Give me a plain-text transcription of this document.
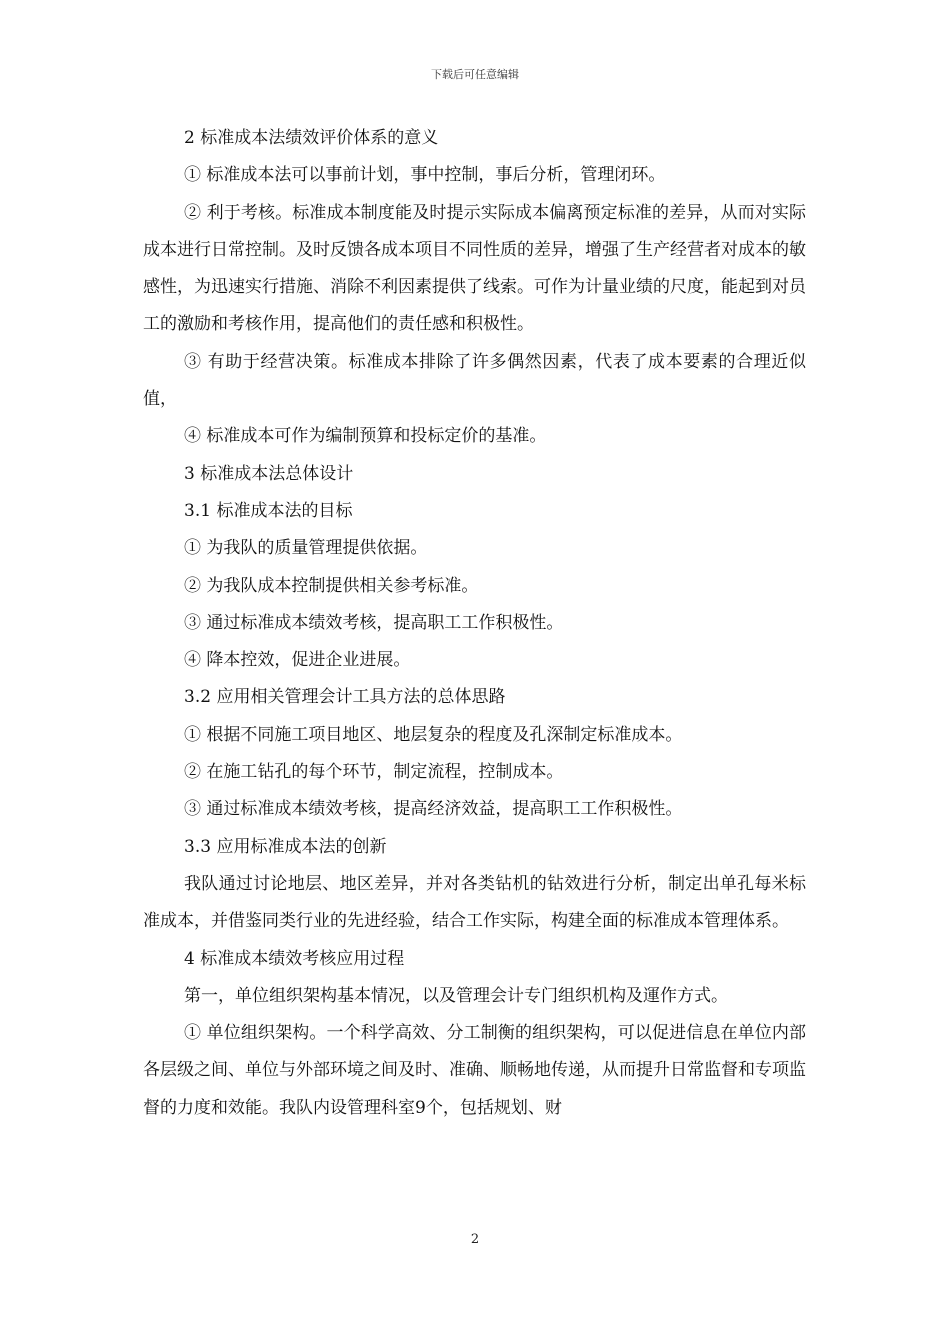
下载后可任意编辑

2 标准成本法绩效评价体系的意义

① 标准成本法可以事前计划，事中控制，事后分析，管理闭环。

② 利于考核。标准成本制度能及时提示实际成本偏离预定标准的差异，从而对实际成本进行日常控制。及时反馈各成本项目不同性质的差异，增强了生产经营者对成本的敏感性，为迅速实行措施、消除不利因素提供了线索。可作为计量业绩的尺度，能起到对员工的激励和考核作用，提高他们的责任感和积极性。

③ 有助于经营决策。标准成本排除了许多偶然因素，代表了成本要素的合理近似值，

④ 标准成本可作为编制预算和投标定价的基准。

3 标准成本法总体设计

3.1 标准成本法的目标

① 为我队的质量管理提供依据。

② 为我队成本控制提供相关参考标准。

③ 通过标准成本绩效考核，提高职工工作积极性。

④ 降本控效，促进企业进展。

3.2 应用相关管理会计工具方法的总体思路

① 根据不同施工项目地区、地层复杂的程度及孔深制定标准成本。

② 在施工钻孔的每个环节，制定流程，控制成本。

③ 通过标准成本绩效考核，提高经济效益，提高职工工作积极性。

3.3 应用标准成本法的创新

我队通过讨论地层、地区差异，并对各类钻机的钻效进行分析，制定出单孔每米标准成本，并借鉴同类行业的先进经验，结合工作实际，构建全面的标准成本管理体系。

4 标准成本绩效考核应用过程

第一，单位组织架构基本情况，以及管理会计专门组织机构及運作方式。

① 单位组织架构。一个科学高效、分工制衡的组织架构，可以促进信息在单位内部各层级之间、单位与外部环境之间及时、准确、顺畅地传递，从而提升日常监督和专项监督的力度和效能。我队内设管理科室9个，包括规划、财

2
